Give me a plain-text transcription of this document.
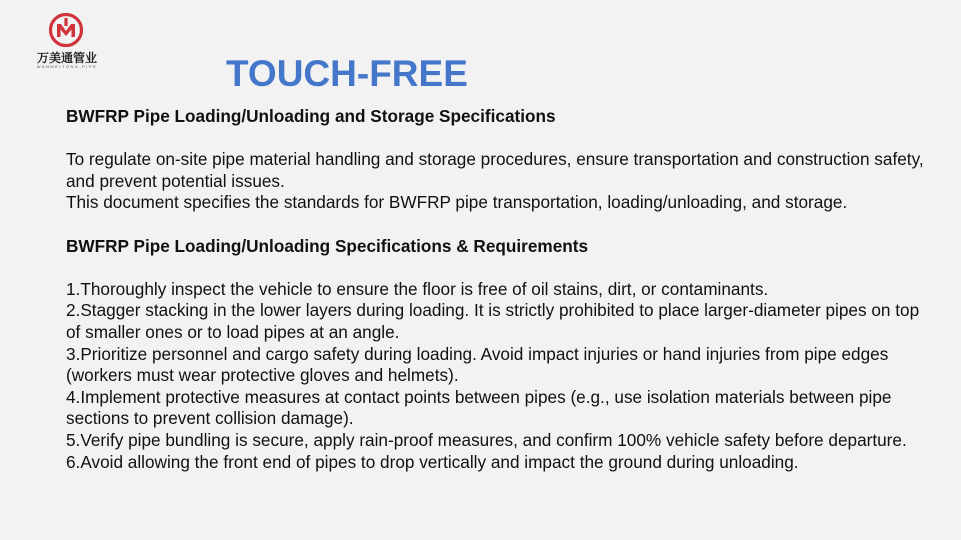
万美通管业
WANMEITONG PIPE	TOUCH-FREE

BWFRP Pipe Loading/Unloading and Storage Specifications

To regulate on-site pipe material handling and storage procedures, ensure transportation and construction safety, and prevent potential issues.

This document specifies the standards for BWFRP pipe transportation, loading/unloading, and storage.

BWFRP Pipe Loading/Unloading Specifications & Requirements

1.Thoroughly inspect the vehicle to ensure the floor is free of oil stains, dirt, or contaminants.

2.Stagger stacking in the lower layers during loading. It is strictly prohibited to place larger-diameter pipes on top of smaller ones or to load pipes at an angle.

3.Prioritize personnel and cargo safety during loading. Avoid impact injuries or hand injuries from pipe edges (workers must wear protective gloves and helmets).

4.Implement protective measures at contact points between pipes (e.g., use isolation materials between pipe sections to prevent collision damage).

5.Verify pipe bundling is secure, apply rain-proof measures, and confirm 100% vehicle safety before departure.

6.Avoid allowing the front end of pipes to drop vertically and impact the ground during unloading.
